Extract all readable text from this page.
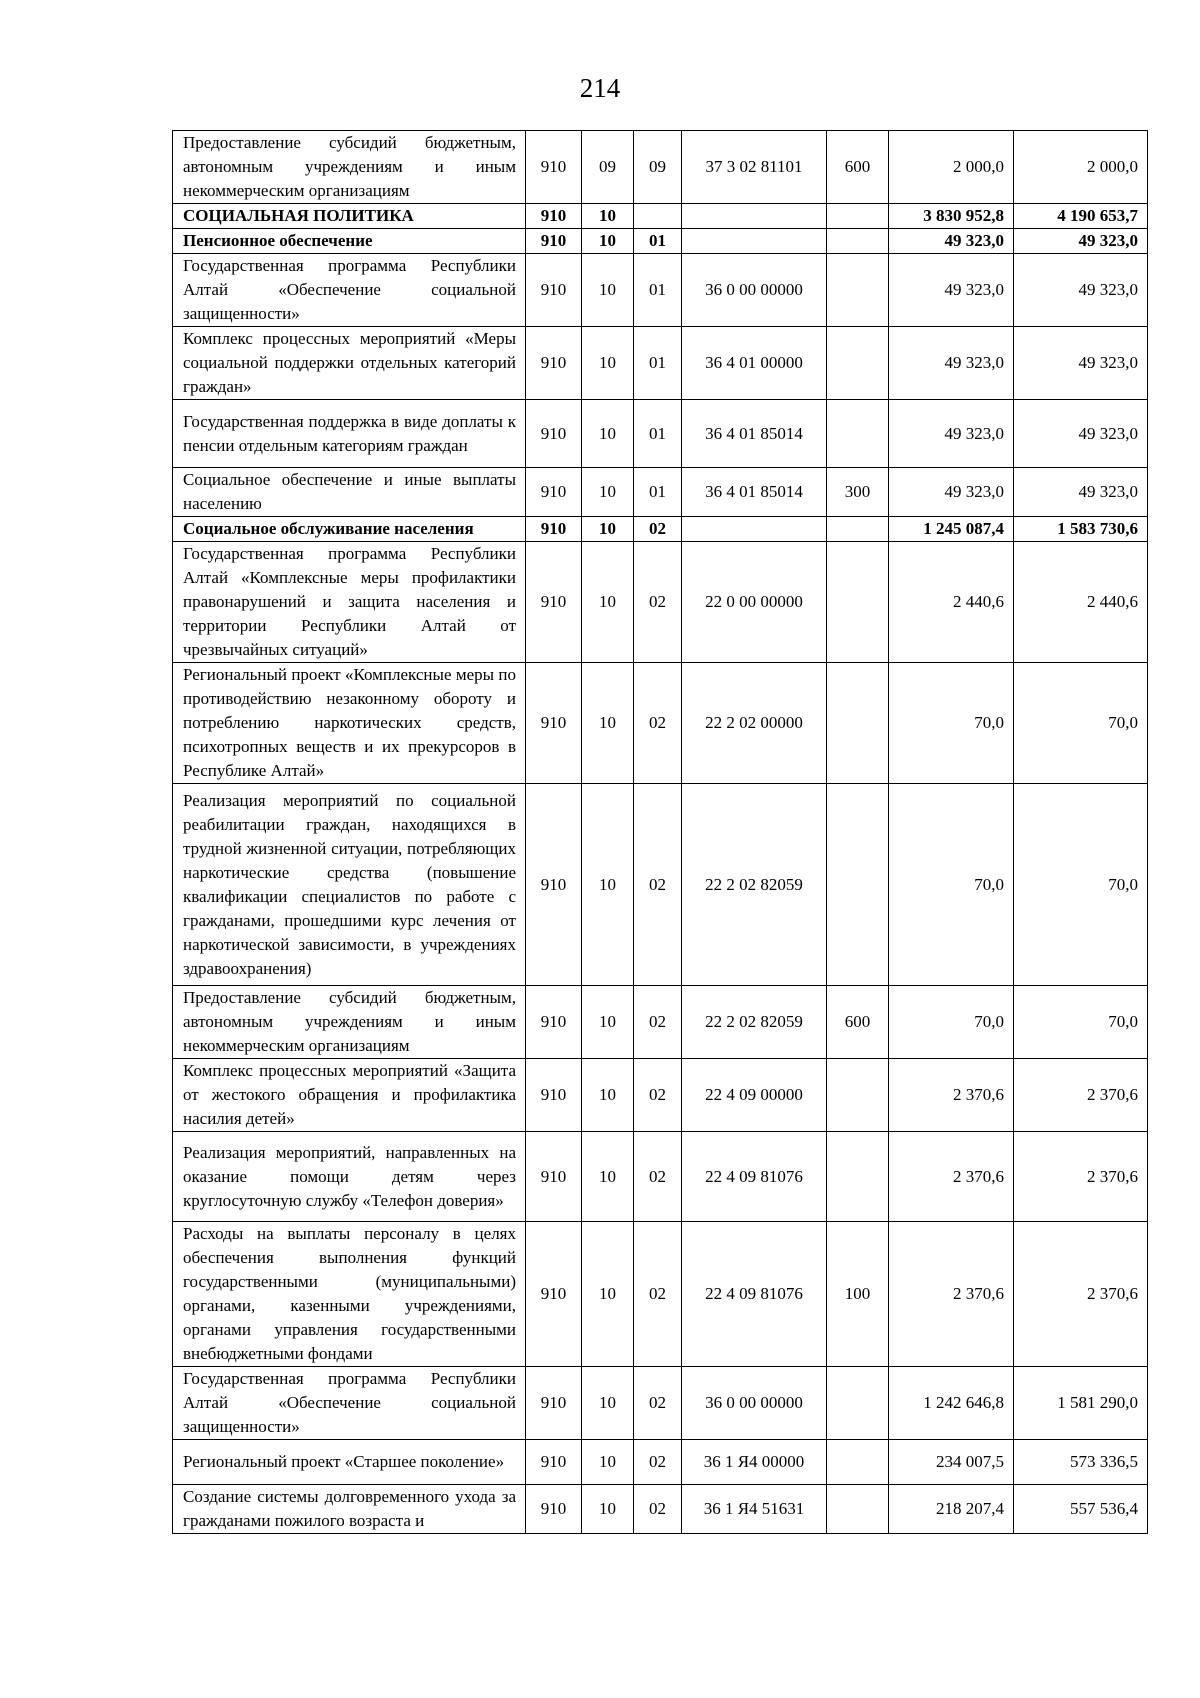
214
Предоставление субсидий бюджетным, автономным учреждениям и иным некоммерческим организациям	910	09	09	37 3 02 81101	600	2 000,0	2 000,0
СОЦИАЛЬНАЯ ПОЛИТИКА	910	10				3 830 952,8	4 190 653,7
Пенсионное обеспечение	910	10	01			49 323,0	49 323,0
Государственная программа Республики Алтай «Обеспечение социальной защищенности»	910	10	01	36 0 00 00000		49 323,0	49 323,0
Комплекс процессных мероприятий «Меры социальной поддержки отдельных категорий граждан»	910	10	01	36 4 01 00000		49 323,0	49 323,0
Государственная поддержка в виде доплаты к пенсии отдельным категориям граждан	910	10	01	36 4 01 85014		49 323,0	49 323,0
Социальное обеспечение и иные выплаты населению	910	10	01	36 4 01 85014	300	49 323,0	49 323,0
Социальное обслуживание населения	910	10	02			1 245 087,4	1 583 730,6
Государственная программа Республики Алтай «Комплексные меры профилактики правонарушений и защита населения и территории Республики Алтай от чрезвычайных ситуаций»	910	10	02	22 0 00 00000		2 440,6	2 440,6
Региональный проект «Комплексные меры по противодействию незаконному обороту и потреблению наркотических средств, психотропных веществ и их прекурсоров в Республике Алтай»	910	10	02	22 2 02 00000		70,0	70,0
Реализация мероприятий по социальной реабилитации граждан, находящихся в трудной жизненной ситуации, потребляющих наркотические средства (повышение квалификации специалистов по работе с гражданами, прошедшими курс лечения от наркотической зависимости, в учреждениях здравоохранения)	910	10	02	22 2 02 82059		70,0	70,0
Предоставление субсидий бюджетным, автономным учреждениям и иным некоммерческим организациям	910	10	02	22 2 02 82059	600	70,0	70,0
Комплекс процессных мероприятий «Защита от жестокого обращения и профилактика насилия детей»	910	10	02	22 4 09 00000		2 370,6	2 370,6
Реализация мероприятий, направленных на оказание помощи детям через круглосуточную службу «Телефон доверия»	910	10	02	22 4 09 81076		2 370,6	2 370,6
Расходы на выплаты персоналу в целях обеспечения выполнения функций государственными (муниципальными) органами, казенными учреждениями, органами управления государственными внебюджетными фондами	910	10	02	22 4 09 81076	100	2 370,6	2 370,6
Государственная программа Республики Алтай «Обеспечение социальной защищенности»	910	10	02	36 0 00 00000		1 242 646,8	1 581 290,0
Региональный проект «Старшее поколение»	910	10	02	36 1 Я4 00000		234 007,5	573 336,5
Создание системы долговременного ухода за гражданами пожилого возраста и	910	10	02	36 1 Я4 51631		218 207,4	557 536,4
